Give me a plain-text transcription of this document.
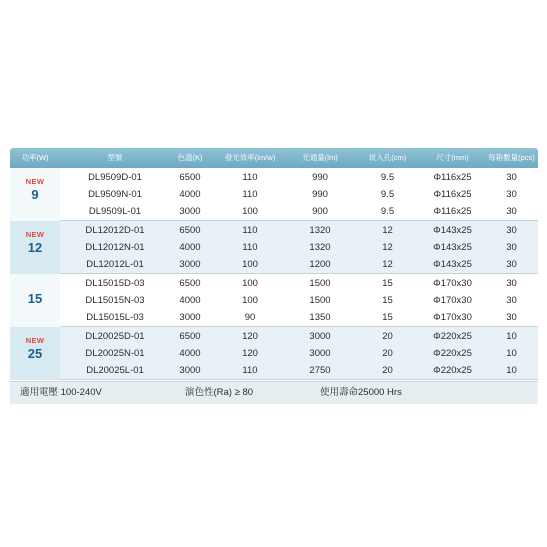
功率(W)	型號	色溫(K)	發光效率(lm/w)	光通量(lm)	崁入孔(cm)	尺寸(mm)	每箱數量(pcs)
NEW
9
DL9509D-01	6500	110	990	9.5	Φ116x25	30
DL9509N-01	4000	110	990	9.5	Φ116x25	30
DL9509L-01	3000	100	900	9.5	Φ116x25	30
NEW
12
DL12012D-01	6500	110	1320	12	Φ143x25	30
DL12012N-01	4000	110	1320	12	Φ143x25	30
DL12012L-01	3000	100	1200	12	Φ143x25	30
15
DL15015D-03	6500	100	1500	15	Φ170x30	30
DL15015N-03	4000	100	1500	15	Φ170x30	30
DL15015L-03	3000	90	1350	15	Φ170x30	30
NEW
25
DL20025D-01	6500	120	3000	20	Φ220x25	10
DL20025N-01	4000	120	3000	20	Φ220x25	10
DL20025L-01	3000	110	2750	20	Φ220x25	10
適用電壓 100-240V	演色性(Ra) ≥ 80	使用壽命25000 Hrs
